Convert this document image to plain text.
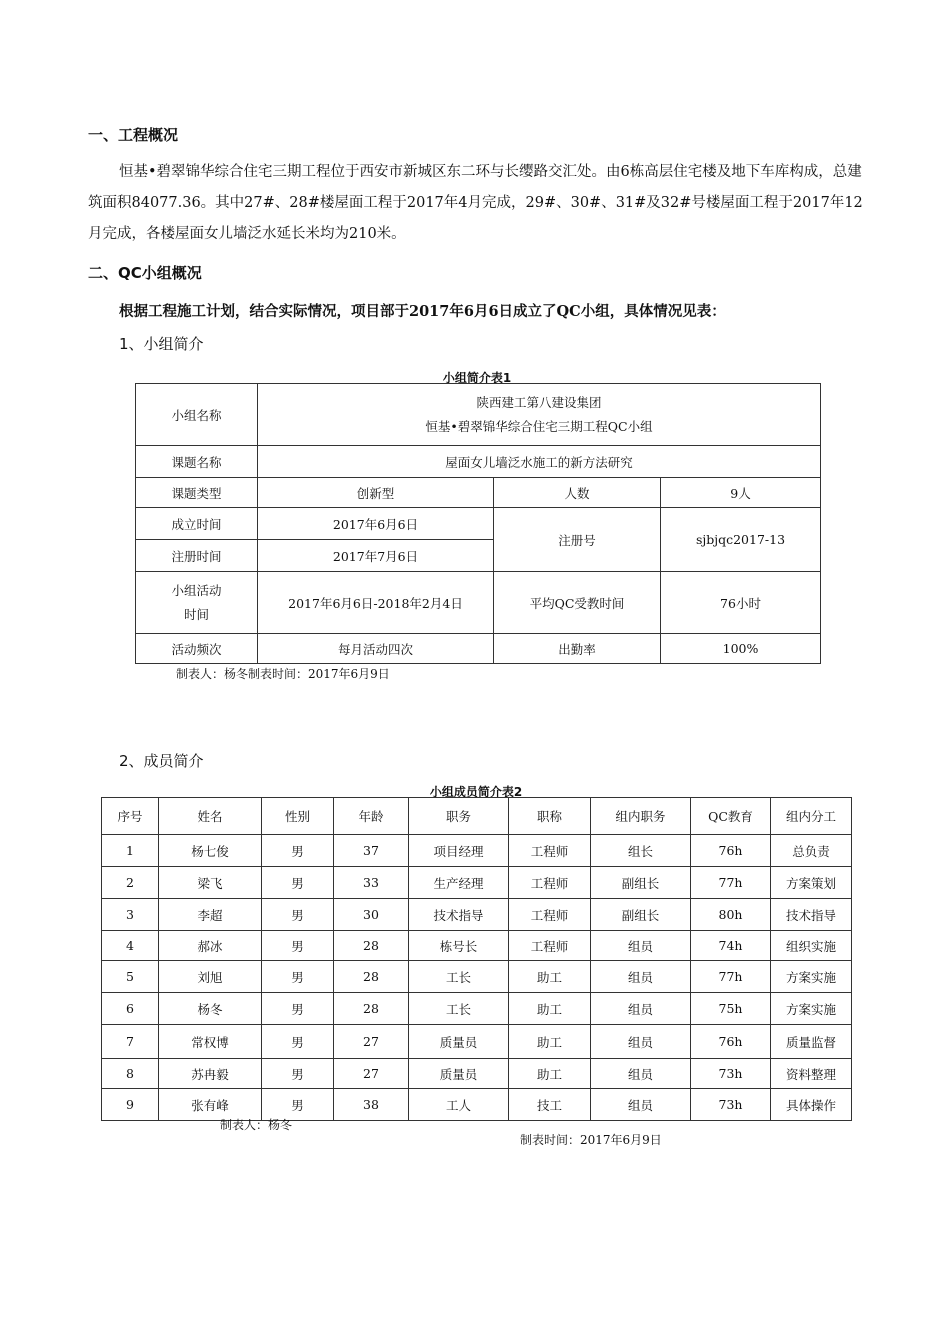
一、工程概况
恒基•碧翠锦华综合住宅三期工程位于西安市新城区东二环与长缨路交汇处。由6栋高层住宅楼及地下车库构成，总建筑面积84077.36。其中27#、28#楼屋面工程于2017年4月完成，29#、30#、31#及32#号楼屋面工程于2017年12月完成，各楼屋面女儿墙泛水延长米均为210米。
二、QC小组概况
根据工程施工计划，结合实际情况，项目部于2017年6月6日成立了QC小组，具体情况见表：
1、小组简介
小组简介表1
小组名称	陕西建工第八建设集团
恒基•碧翠锦华综合住宅三期工程QC小组		

课题名称	屋面女儿墙泛水施工的新方法研究		
课题类型	创新型	人数	9人
成立时间	2017年6月6日	注册号	sjbjqc2017-13
注册时间	2017年7月6日		

小组活动
时间	2017年6月6日-2018年2月4日	平均QC受教时间	76小时
活动频次	每月活动四次	出勤率	100%
制表人：杨冬制表时间：2017年6月9日
2、成员简介
小组成员简介表2
序号	姓名	性别	年龄	职务	职称	组内职务	QC教育	组内分工
1	杨七俊	男	37	项目经理	工程师	组长	76h	总负责
2	梁飞	男	33	生产经理	工程师	副组长	77h	方案策划
3	李超	男	30	技术指导	工程师	副组长	80h	技术指导
4	郝冰	男	28	栋号长	工程师	组员	74h	组织实施
5	刘旭	男	28	工长	助工	组员	77h	方案实施
6	杨冬	男	28	工长	助工	组员	75h	方案实施
7	常权博	男	27	质量员	助工	组员	76h	质量监督
8	苏冉毅	男	27	质量员	助工	组员	73h	资料整理
9	张有峰	男	38	工人	技工	组员	73h	具体操作
制表人：杨冬
制表时间：2017年6月9日
